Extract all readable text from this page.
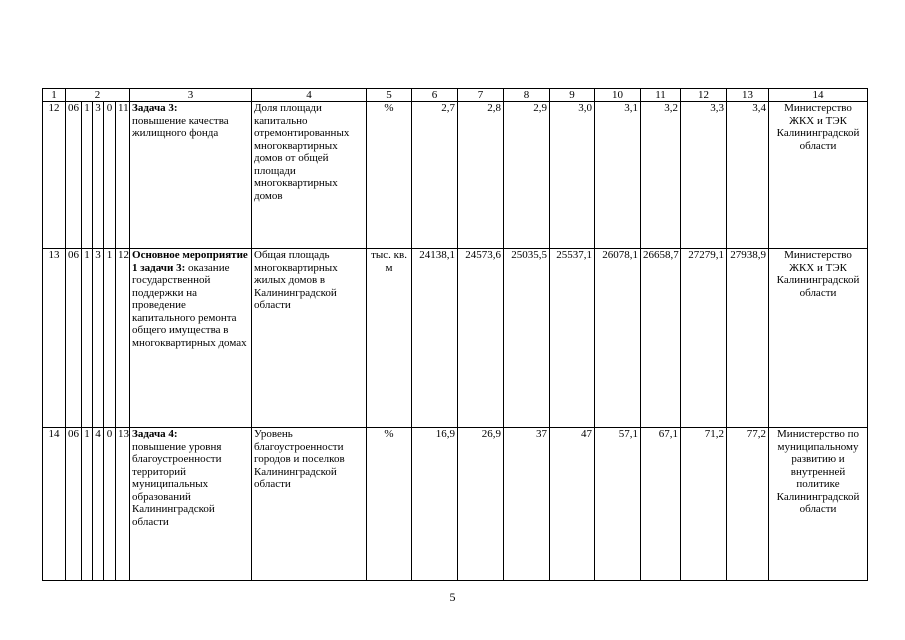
1	2					3	4	5	6	7	8	9	10	11	12	13	14
12	06	1	3	0	11	Задача 3:
повышение качества жилищного фонда	Доля площади капитально отремонтированных многоквартирных домов от общей площади многоквартирных домов	%	2,7	2,8	2,9	3,0	3,1	3,2	3,3	3,4	Министерство ЖКХ и ТЭК Калининградской области
13	06	1	3	1	12	Основное мероприятие 1 задачи 3: оказание государственной поддержки на проведение капитального ремонта общего имущества в многоквартирных домах	Общая площадь многоквартирных жилых домов в Калининградской области	тыс. кв. м	24138,1	24573,6	25035,5	25537,1	26078,1	26658,7	27279,1	27938,9	Министерство ЖКХ и ТЭК Калининградской области
14	06	1	4	0	13	Задача 4:
повышение уровня благоустроенности территорий муниципальных образований Калининградской области	Уровень благоустроенности городов и поселков Калининградской области	%	16,9	26,9	37	47	57,1	67,1	71,2	77,2	Министерство по муниципальному развитию и внутренней политике Калининградской области
5
